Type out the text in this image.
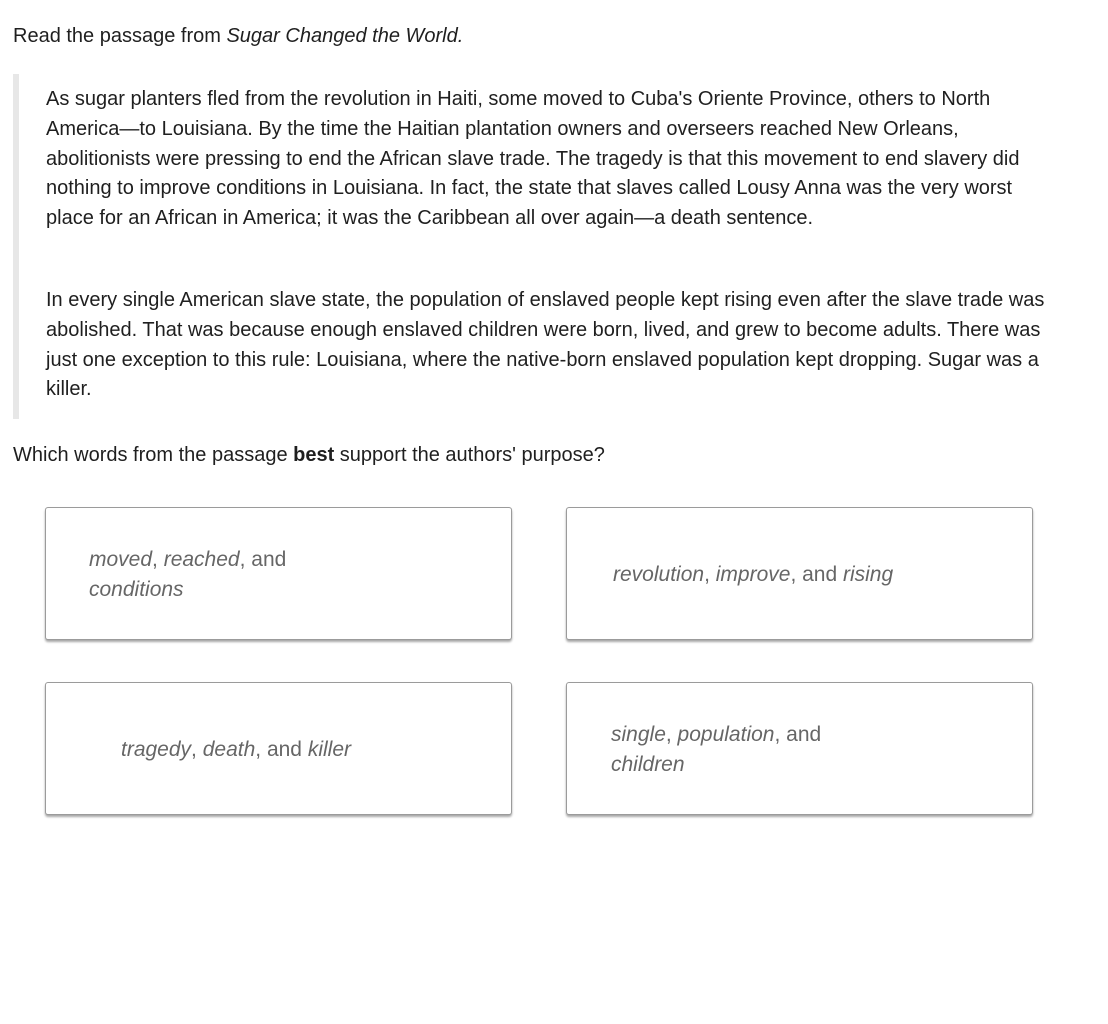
Read the passage from Sugar Changed the World.

As sugar planters fled from the revolution in Haiti, some moved to Cuba's Oriente Province, others to North America—to Louisiana. By the time the Haitian plantation owners and overseers reached New Orleans, abolitionists were pressing to end the African slave trade. The tragedy is that this movement to end slavery did nothing to improve conditions in Louisiana. In fact, the state that slaves called Lousy Anna was the very worst place for an African in America; it was the Caribbean all over again—a death sentence.

In every single American slave state, the population of enslaved people kept rising even after the slave trade was abolished. That was because enough enslaved children were born, lived, and grew to become adults. There was just one exception to this rule: Louisiana, where the native-born enslaved population kept dropping. Sugar was a killer.

Which words from the passage best support the authors' purpose?
moved, reached, and conditions
revolution, improve, and rising
tragedy, death, and killer
single, population, and children
